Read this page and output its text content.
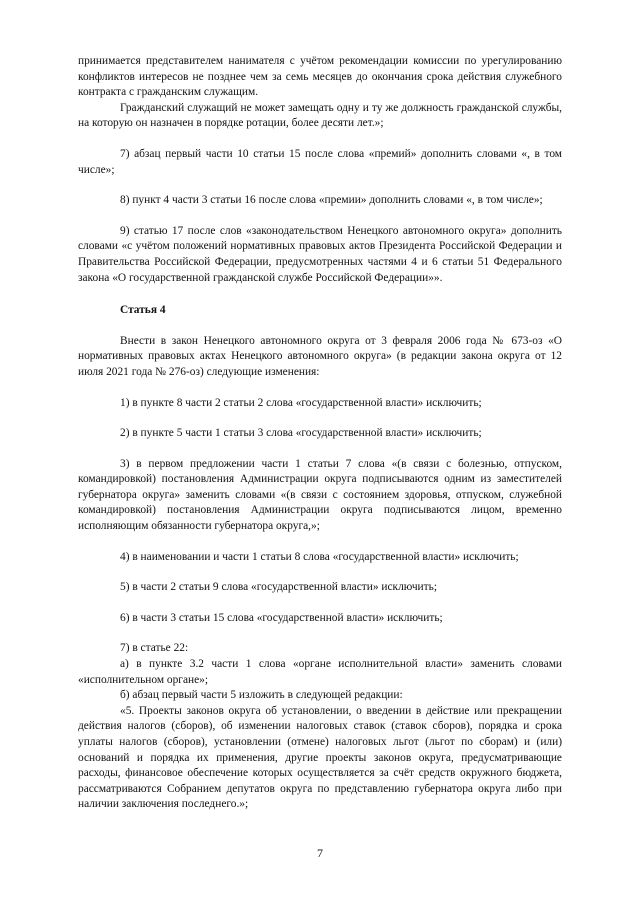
принимается представителем нанимателя с учётом рекомендации комиссии по урегулированию конфликтов интересов не позднее чем за семь месяцев до окончания срока действия служебного контракта с гражданским служащим.

Гражданский служащий не может замещать одну и ту же должность гражданской службы, на которую он назначен в порядке ротации, более десяти лет.»;

7) абзац первый части 10 статьи 15 после слова «премий» дополнить словами «, в том числе»;

8) пункт 4 части 3 статьи 16 после слова «премии» дополнить словами «, в том числе»;

9) статью 17 после слов «законодательством Ненецкого автономного округа» дополнить словами «с учётом положений нормативных правовых актов Президента Российской Федерации и Правительства Российской Федерации, предусмотренных частями 4 и 6 статьи 51 Федерального закона «О государственной гражданской службе Российской Федерации»».

Статья 4

Внести в закон Ненецкого автономного округа от 3 февраля 2006 года № 673-оз «О нормативных правовых актах Ненецкого автономного округа» (в редакции закона округа от 12 июля 2021 года № 276-оз) следующие изменения:

1) в пункте 8 части 2 статьи 2 слова «государственной власти» исключить;

2) в пункте 5 части 1 статьи 3 слова «государственной власти» исключить;

3) в первом предложении части 1 статьи 7 слова «(в связи с болезнью, отпуском, командировкой) постановления Администрации округа подписываются одним из заместителей губернатора округа» заменить словами «(в связи с состоянием здоровья, отпуском, служебной командировкой) постановления Администрации округа подписываются лицом, временно исполняющим обязанности губернатора округа,»;

4) в наименовании и части 1 статьи 8 слова «государственной власти» исключить;

5) в части 2 статьи 9 слова «государственной власти» исключить;

6) в части 3 статьи 15 слова «государственной власти» исключить;

7) в статье 22:

а) в пункте 3.2 части 1 слова «органе исполнительной власти» заменить словами «исполнительном органе»;

б) абзац первый части 5 изложить в следующей редакции:

«5. Проекты законов округа об установлении, о введении в действие или прекращении действия налогов (сборов), об изменении налоговых ставок (ставок сборов), порядка и срока уплаты налогов (сборов), установлении (отмене) налоговых льгот (льгот по сборам) и (или) оснований и порядка их применения, другие проекты законов округа, предусматривающие расходы, финансовое обеспечение которых осуществляется за счёт средств окружного бюджета, рассматриваются Собранием депутатов округа по представлению губернатора округа либо при наличии заключения последнего.»;

7
